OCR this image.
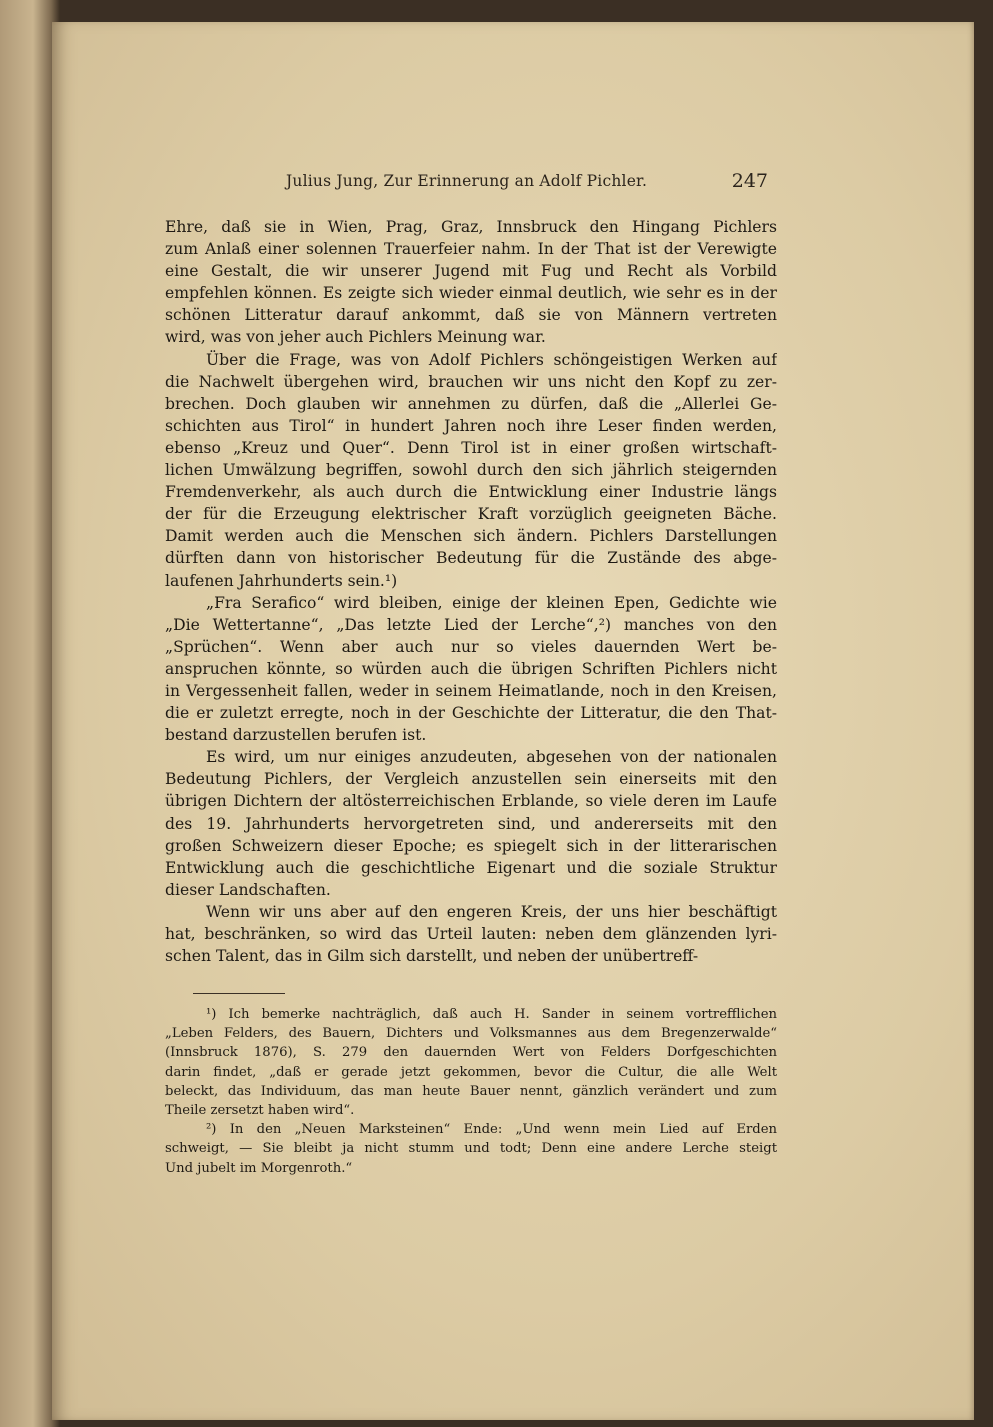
Julius Jung, Zur Erinnerung an Adolf Pichler.	247
Ehre, daß sie in Wien, Prag, Graz, Innsbruck den Hingang Pichlers
zum Anlaß einer solennen Trauerfeier nahm. In der That ist der Verewigte
eine Gestalt, die wir unserer Jugend mit Fug und Recht als Vorbild
empfehlen können. Es zeigte sich wieder einmal deutlich, wie sehr es in der
schönen Litteratur darauf ankommt, daß sie von Männern vertreten
wird, was von jeher auch Pichlers Meinung war.
Über die Frage, was von Adolf Pichlers schöngeistigen Werken auf
die Nachwelt übergehen wird, brauchen wir uns nicht den Kopf zu zer-
brechen. Doch glauben wir annehmen zu dürfen, daß die „Allerlei Ge-
schichten aus Tirol“ in hundert Jahren noch ihre Leser finden werden,
ebenso „Kreuz und Quer“. Denn Tirol ist in einer großen wirtschaft-
lichen Umwälzung begriffen, sowohl durch den sich jährlich steigernden
Fremdenverkehr, als auch durch die Entwicklung einer Industrie längs
der für die Erzeugung elektrischer Kraft vorzüglich geeigneten Bäche.
Damit werden auch die Menschen sich ändern. Pichlers Darstellungen
dürften dann von historischer Bedeutung für die Zustände des abge-
laufenen Jahrhunderts sein.¹)
„Fra Serafico“ wird bleiben, einige der kleinen Epen, Gedichte wie
„Die Wettertanne“, „Das letzte Lied der Lerche“,²) manches von den
„Sprüchen“. Wenn aber auch nur so vieles dauernden Wert be-
anspruchen könnte, so würden auch die übrigen Schriften Pichlers nicht
in Vergessenheit fallen, weder in seinem Heimatlande, noch in den Kreisen,
die er zuletzt erregte, noch in der Geschichte der Litteratur, die den That-
bestand darzustellen berufen ist.
Es wird, um nur einiges anzudeuten, abgesehen von der nationalen
Bedeutung Pichlers, der Vergleich anzustellen sein einerseits mit den
übrigen Dichtern der altösterreichischen Erblande, so viele deren im Laufe
des 19. Jahrhunderts hervorgetreten sind, und andererseits mit den
großen Schweizern dieser Epoche; es spiegelt sich in der litterarischen
Entwicklung auch die geschichtliche Eigenart und die soziale Struktur
dieser Landschaften.
Wenn wir uns aber auf den engeren Kreis, der uns hier beschäftigt
hat, beschränken, so wird das Urteil lauten: neben dem glänzenden lyri-
schen Talent, das in Gilm sich darstellt, und neben der unübertreff-
¹) Ich bemerke nachträglich, daß auch H. Sander in seinem vortrefflichen
„Leben Felders, des Bauern, Dichters und Volksmannes aus dem Bregenzerwalde“
(Innsbruck 1876), S. 279 den dauernden Wert von Felders Dorfgeschichten
darin findet, „daß er gerade jetzt gekommen, bevor die Cultur, die alle Welt
beleckt, das Individuum, das man heute Bauer nennt, gänzlich verändert und zum
Theile zersetzt haben wird“.
²) In den „Neuen Marksteinen“ Ende: „Und wenn mein Lied auf Erden
schweigt, — Sie bleibt ja nicht stumm und todt; Denn eine andere Lerche steigt
Und jubelt im Morgenroth.“
